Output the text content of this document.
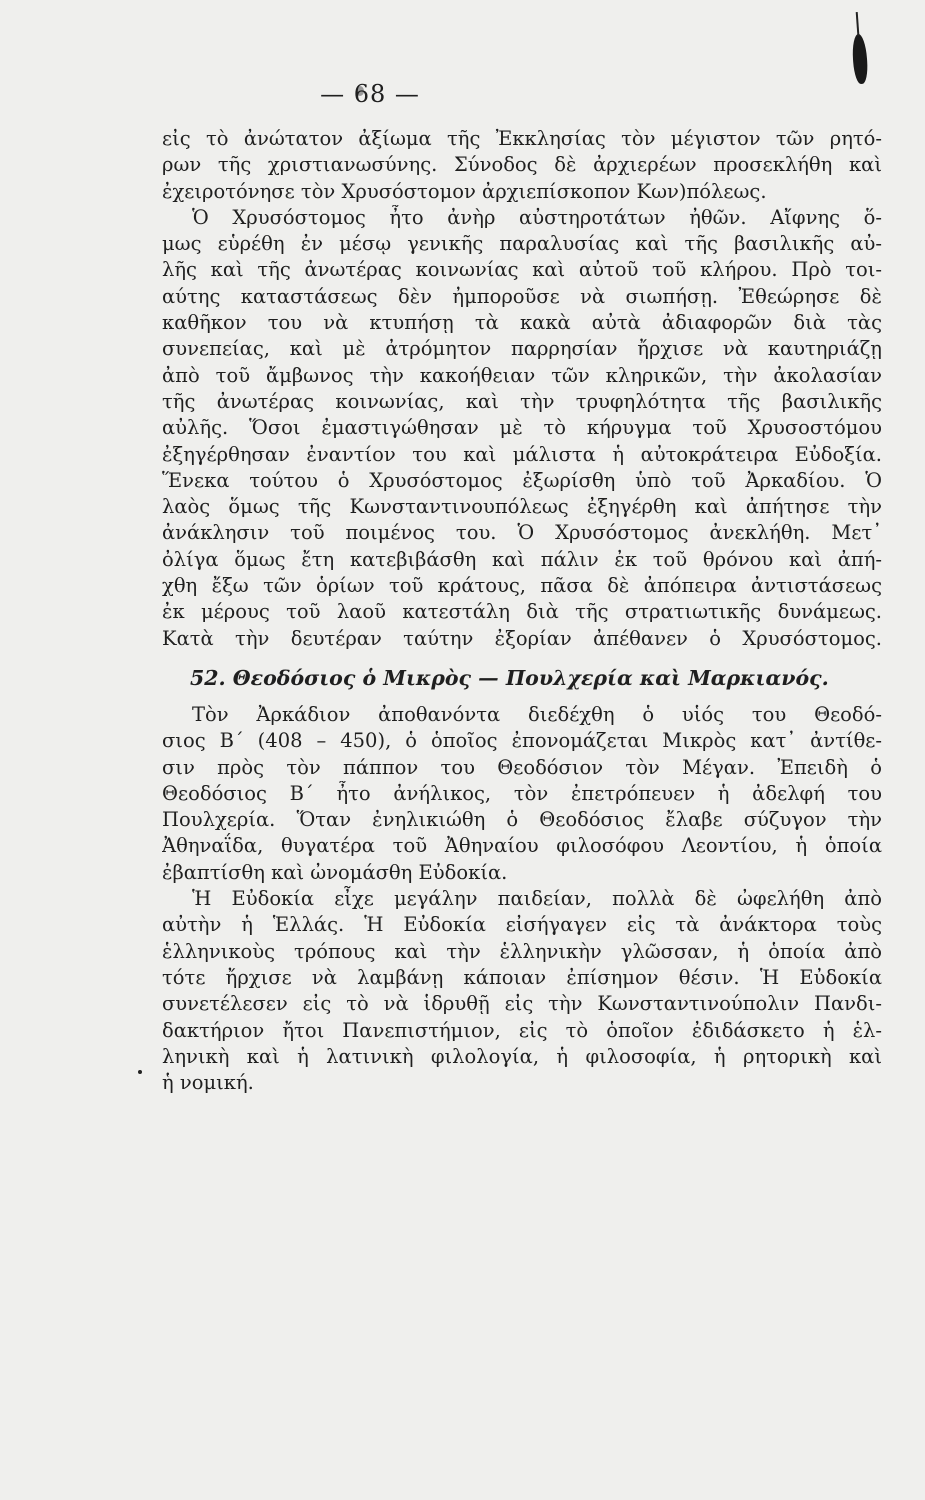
— 68 —
εἰς τὸ ἀνώτατον ἀξίωμα τῆς Ἐκκλησίας τὸν μέγιστον τῶν ρητό-
ρων τῆς χριστιανωσύνης. Σύνοδος δὲ ἀρχιερέων προσεκλήθη καὶ
ἐχειροτόνησε τὸν Χρυσόστομον ἀρχιεπίσκοπον Κων)πόλεως.
Ὁ Χρυσόστομος ἦτο ἀνὴρ αὐστηροτάτων ἠθῶν. Αἴφνης ὅ-
μως εὑρέθη ἐν μέσῳ γενικῆς παραλυσίας καὶ τῆς βασιλικῆς αὐ-
λῆς καὶ τῆς ἀνωτέρας κοινωνίας καὶ αὐτοῦ τοῦ κλήρου. Πρὸ τοι-
αύτης καταστάσεως δὲν ἠμποροῦσε νὰ σιωπήσῃ. Ἐθεώρησε δὲ
καθῆκον του νὰ κτυπήσῃ τὰ κακὰ αὐτὰ ἀδιαφορῶν διὰ τὰς
συνεπείας, καὶ μὲ ἀτρόμητον παρρησίαν ἤρχισε νὰ καυτηριάζῃ
ἀπὸ τοῦ ἄμβωνος τὴν κακοήθειαν τῶν κληρικῶν, τὴν ἀκολασίαν
τῆς ἀνωτέρας κοινωνίας, καὶ τὴν τρυφηλότητα τῆς βασιλικῆς
αὐλῆς. Ὅσοι ἐμαστιγώθησαν μὲ τὸ κήρυγμα τοῦ Χρυσοστόμου
ἐξηγέρθησαν ἐναντίον του καὶ μάλιστα ἡ αὐτοκράτειρα Εὐδοξία.
Ἕνεκα τούτου ὁ Χρυσόστομος ἐξωρίσθη ὑπὸ τοῦ Ἀρκαδίου. Ὁ
λαὸς ὅμως τῆς Κωνσταντινουπόλεως ἐξηγέρθη καὶ ἀπήτησε τὴν
ἀνάκλησιν τοῦ ποιμένος του. Ὁ Χρυσόστομος ἀνεκλήθη. Μετ᾽
ὀλίγα ὅμως ἔτη κατεβιβάσθη καὶ πάλιν ἐκ τοῦ θρόνου καὶ ἀπή-
χθη ἔξω τῶν ὁρίων τοῦ κράτους, πᾶσα δὲ ἀπόπειρα ἀντιστάσεως
ἐκ μέρους τοῦ λαοῦ κατεστάλη διὰ τῆς στρατιωτικῆς δυνάμεως.
Κατὰ τὴν δευτέραν ταύτην ἐξορίαν ἀπέθανεν ὁ Χρυσόστομος.
52. Θεοδόσιος ὁ Μικρὸς — Πουλχερία καὶ Μαρκιανός.
Τὸν Ἀρκάδιον ἀποθανόντα διεδέχθη ὁ υἱός του Θεοδό-
σιος Β΄ (408 – 450), ὁ ὁποῖος ἐπονομάζεται Μικρὸς κατ᾽ ἀντίθε-
σιν πρὸς τὸν πάππον του Θεοδόσιον τὸν Μέγαν. Ἐπειδὴ ὁ
Θεοδόσιος Β΄ ἦτο ἀνήλικος, τὸν ἐπετρόπευεν ἡ ἀδελφή του
Πουλχερία. Ὅταν ἐνηλικιώθη ὁ Θεοδόσιος ἔλαβε σύζυγον τὴν
Ἀθηναΐδα, θυγατέρα τοῦ Ἀθηναίου φιλοσόφου Λεοντίου, ἡ ὁποία
ἐβαπτίσθη καὶ ὠνομάσθη Εὐδοκία.
Ἡ Εὐδοκία εἶχε μεγάλην παιδείαν, πολλὰ δὲ ὠφελήθη ἀπὸ
αὐτὴν ἡ Ἑλλάς. Ἡ Εὐδοκία εἰσήγαγεν εἰς τὰ ἀνάκτορα τοὺς
ἑλληνικοὺς τρόπους καὶ τὴν ἑλληνικὴν γλῶσσαν, ἡ ὁποία ἀπὸ
τότε ἤρχισε νὰ λαμβάνῃ κάποιαν ἐπίσημον θέσιν. Ἡ Εὐδοκία
συνετέλεσεν εἰς τὸ νὰ ἱδρυθῇ εἰς τὴν Κωνσταντινούπολιν Πανδι-
δακτήριον ἤτοι Πανεπιστήμιον, εἰς τὸ ὁποῖον ἐδιδάσκετο ἡ ἑλ-
ληνικὴ καὶ ἡ λατινικὴ φιλολογία, ἡ φιλοσοφία, ἡ ρητορικὴ καὶ
ἡ νομική.
